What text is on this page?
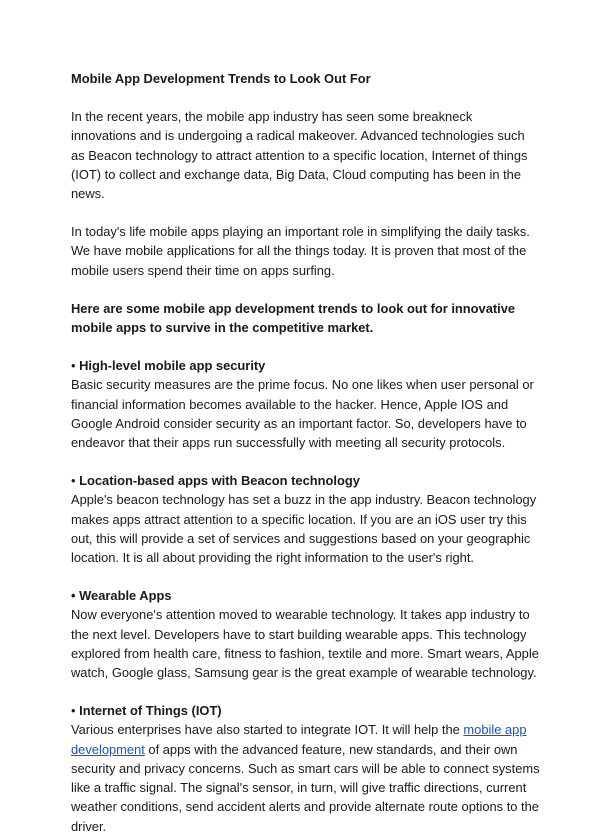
Mobile App Development Trends to Look Out For

In the recent years, the mobile app industry has seen some breakneck innovations and is undergoing a radical makeover. Advanced technologies such as Beacon technology to attract attention to a specific location, Internet of things (IOT) to collect and exchange data, Big Data, Cloud computing has been in the news.

In today's life mobile apps playing an important role in simplifying the daily tasks. We have mobile applications for all the things today. It is proven that most of the mobile users spend their time on apps surfing.

Here are some mobile app development trends to look out for innovative mobile apps to survive in the competitive market.

• High-level mobile app security
Basic security measures are the prime focus. No one likes when user personal or financial information becomes available to the hacker. Hence, Apple IOS and Google Android consider security as an important factor. So, developers have to endeavor that their apps run successfully with meeting all security protocols.
• Location-based apps with Beacon technology
Apple's beacon technology has set a buzz in the app industry. Beacon technology makes apps attract attention to a specific location. If you are an iOS user try this out, this will provide a set of services and suggestions based on your geographic location. It is all about providing the right information to the user's right.
• Wearable Apps
Now everyone's attention moved to wearable technology. It takes app industry to the next level. Developers have to start building wearable apps. This technology explored from health care, fitness to fashion, textile and more. Smart wears, Apple watch, Google glass, Samsung gear is the great example of wearable technology.
• Internet of Things (IOT)
Various enterprises have also started to integrate IOT. It will help the mobile app development of apps with the advanced feature, new standards, and their own security and privacy concerns. Such as smart cars will be able to connect systems like a traffic signal. The signal's sensor, in turn, will give traffic directions, current weather conditions, send accident alerts and provide alternate route options to the driver.
